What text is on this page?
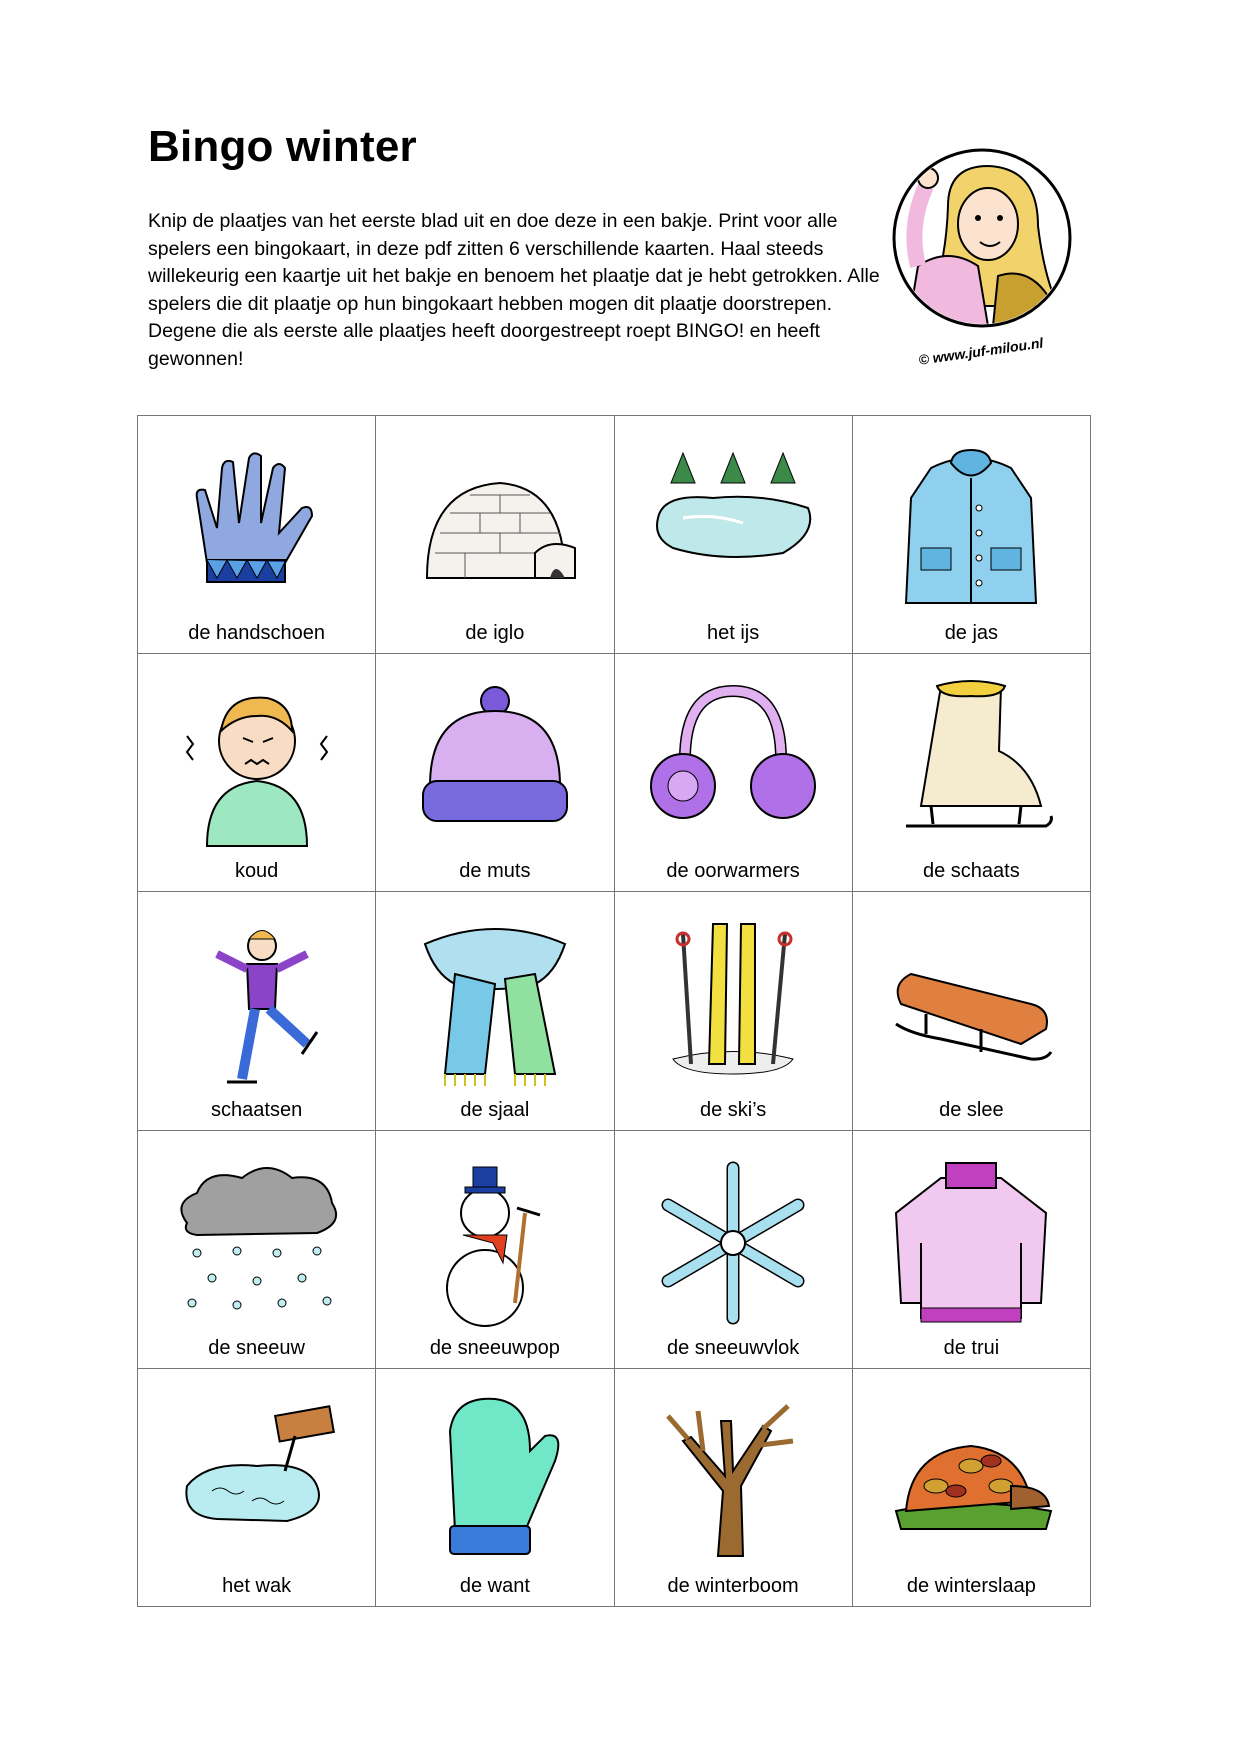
Bingo winter

Knip de plaatjes van het eerste blad uit en doe deze in een bakje. Print voor alle spelers een bingokaart, in deze pdf zitten 6 verschillende kaarten. Haal steeds willekeurig een kaartje uit het bakje en benoem het plaatje dat je hebt getrokken. Alle spelers die dit plaatje op hun bingokaart hebben mogen dit plaatje doorstrepen. Degene die als eerste alle plaatjes heeft doorgestreept roept BINGO! en heeft gewonnen!	© www.juf-milou.nl
de handschoen	de iglo	het ijs	de jas
koud	de muts	de oorwarmers	de schaats
schaatsen	de sjaal	de ski’s	de slee
de sneeuw	de sneeuwpop	de sneeuwvlok	de trui
het wak	de want	de winterboom	de winterslaap
